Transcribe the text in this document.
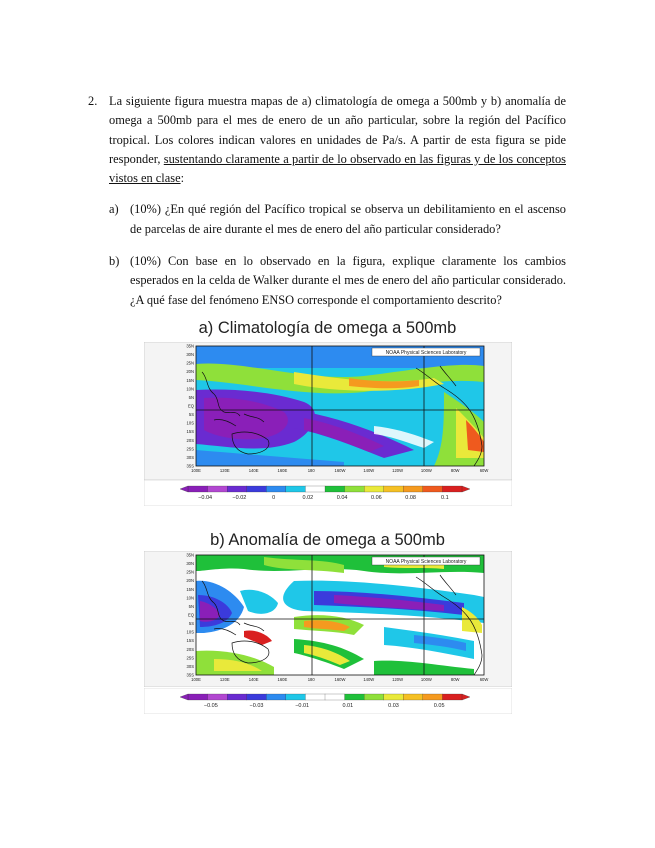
2. La siguiente figura muestra mapas de a) climatología de omega a 500mb y b) anomalía de omega a 500mb para el mes de enero de un año particular, sobre la región del Pacífico tropical. Los colores indican valores en unidades de Pa/s. A partir de esta figura se pide responder, sustentando claramente a partir de lo observado en las figuras y de los conceptos vistos en clase:
a) (10%) ¿En qué región del Pacífico tropical se observa un debilitamiento en el ascenso de parcelas de aire durante el mes de enero del año particular considerado?
b) (10%) Con base en lo observado en la figura, explique claramente los cambios esperados en la celda de Walker durante el mes de enero del año particular considerado. ¿A qué fase del fenómeno ENSO corresponde el comportamiento descrito?
a) Climatología de omega a 500mb
NOAA Physical Sciences Laboratory
35N
30N
25N
20N
15N
10N
5N
EQ
5S
10S
15S
20S
25S
30S
35S
100E	120E	140E	160E	180	160W	140W	120W	100W	80W	60W
−0.04	−0.02	0	0.02	0.04	0.06	0.08	0.1
b) Anomalía de omega a 500mb
NOAA Physical Sciences Laboratory
35N
30N
25N
20N
15N
10N
5N
EQ
5S
10S
15S
20S
25S
30S
35S
100E	120E	140E	160E	180	160W	140W	120W	100W	80W	60W
−0.05	−0.03	−0.01	0.01	0.03	0.05
